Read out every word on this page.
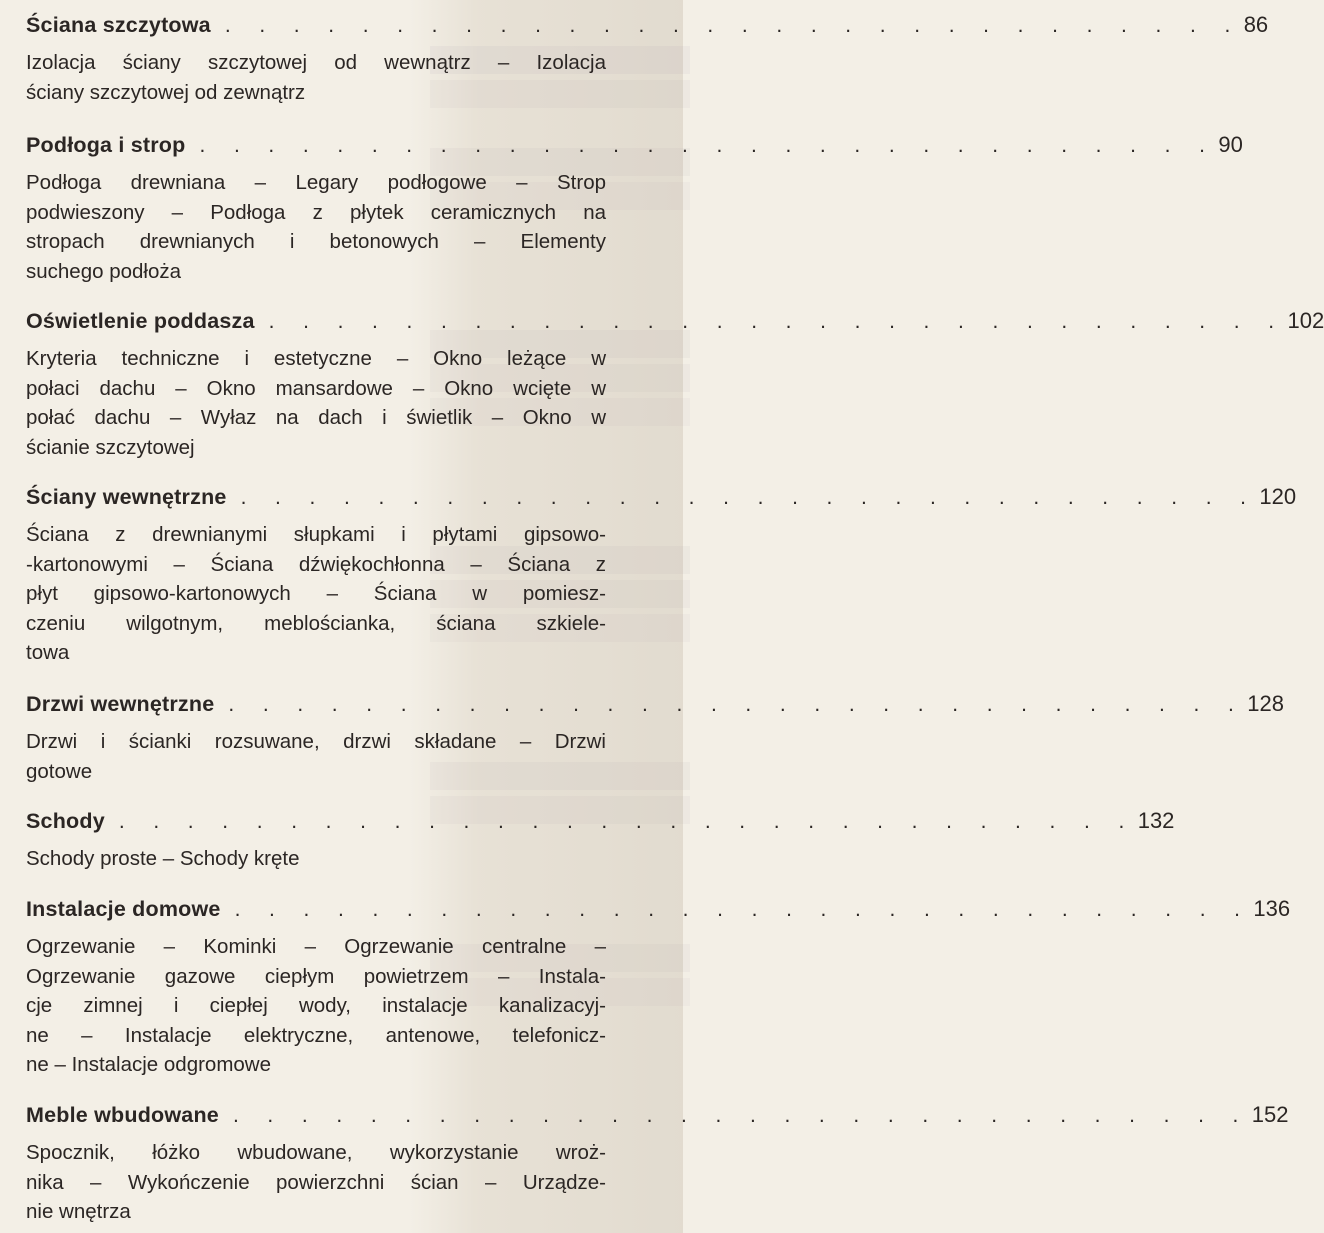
Ściana szczytowa . . . . . . . . . . . . . . . . . . . . . . . . . . . . . . 86
Izolacja ściany szczytowej od wewnątrz – Izolacja
ściany szczytowej od zewnątrz
Podłoga i strop . . . . . . . . . . . . . . . . . . . . . . . . . . . . . . 90
Podłoga drewniana – Legary podłogowe – Strop
podwieszony – Podłoga z płytek ceramicznych na
stropach drewnianych i betonowych – Elementy
suchego podłoża
Oświetlenie poddasza . . . . . . . . . . . . . . . . . . . . . . . . . . . . . . 102
Kryteria techniczne i estetyczne – Okno leżące w
połaci dachu – Okno mansardowe – Okno wcięte w
połać dachu – Wyłaz na dach i świetlik – Okno w
ścianie szczytowej
Ściany wewnętrzne . . . . . . . . . . . . . . . . . . . . . . . . . . . . . . 120
Ściana z drewnianymi słupkami i płytami gipsowo-
-kartonowymi – Ściana dźwiękochłonna – Ściana z
płyt gipsowo-kartonowych – Ściana w pomiesz-
czeniu wilgotnym, meblościanka, ściana szkiele-
towa
Drzwi wewnętrzne . . . . . . . . . . . . . . . . . . . . . . . . . . . . . . 128
Drzwi i ścianki rozsuwane, drzwi składane – Drzwi
gotowe
Schody . . . . . . . . . . . . . . . . . . . . . . . . . . . . . . 132
Schody proste – Schody kręte
Instalacje domowe . . . . . . . . . . . . . . . . . . . . . . . . . . . . . . 136
Ogrzewanie – Kominki – Ogrzewanie centralne –
Ogrzewanie gazowe ciepłym powietrzem – Instala-
cje zimnej i ciepłej wody, instalacje kanalizacyj-
ne – Instalacje elektryczne, antenowe, telefonicz-
ne – Instalacje odgromowe
Meble wbudowane . . . . . . . . . . . . . . . . . . . . . . . . . . . . . . 152
Spocznik, łóżko wbudowane, wykorzystanie wroż-
nika – Wykończenie powierzchni ścian – Urządze-
nie wnętrza
